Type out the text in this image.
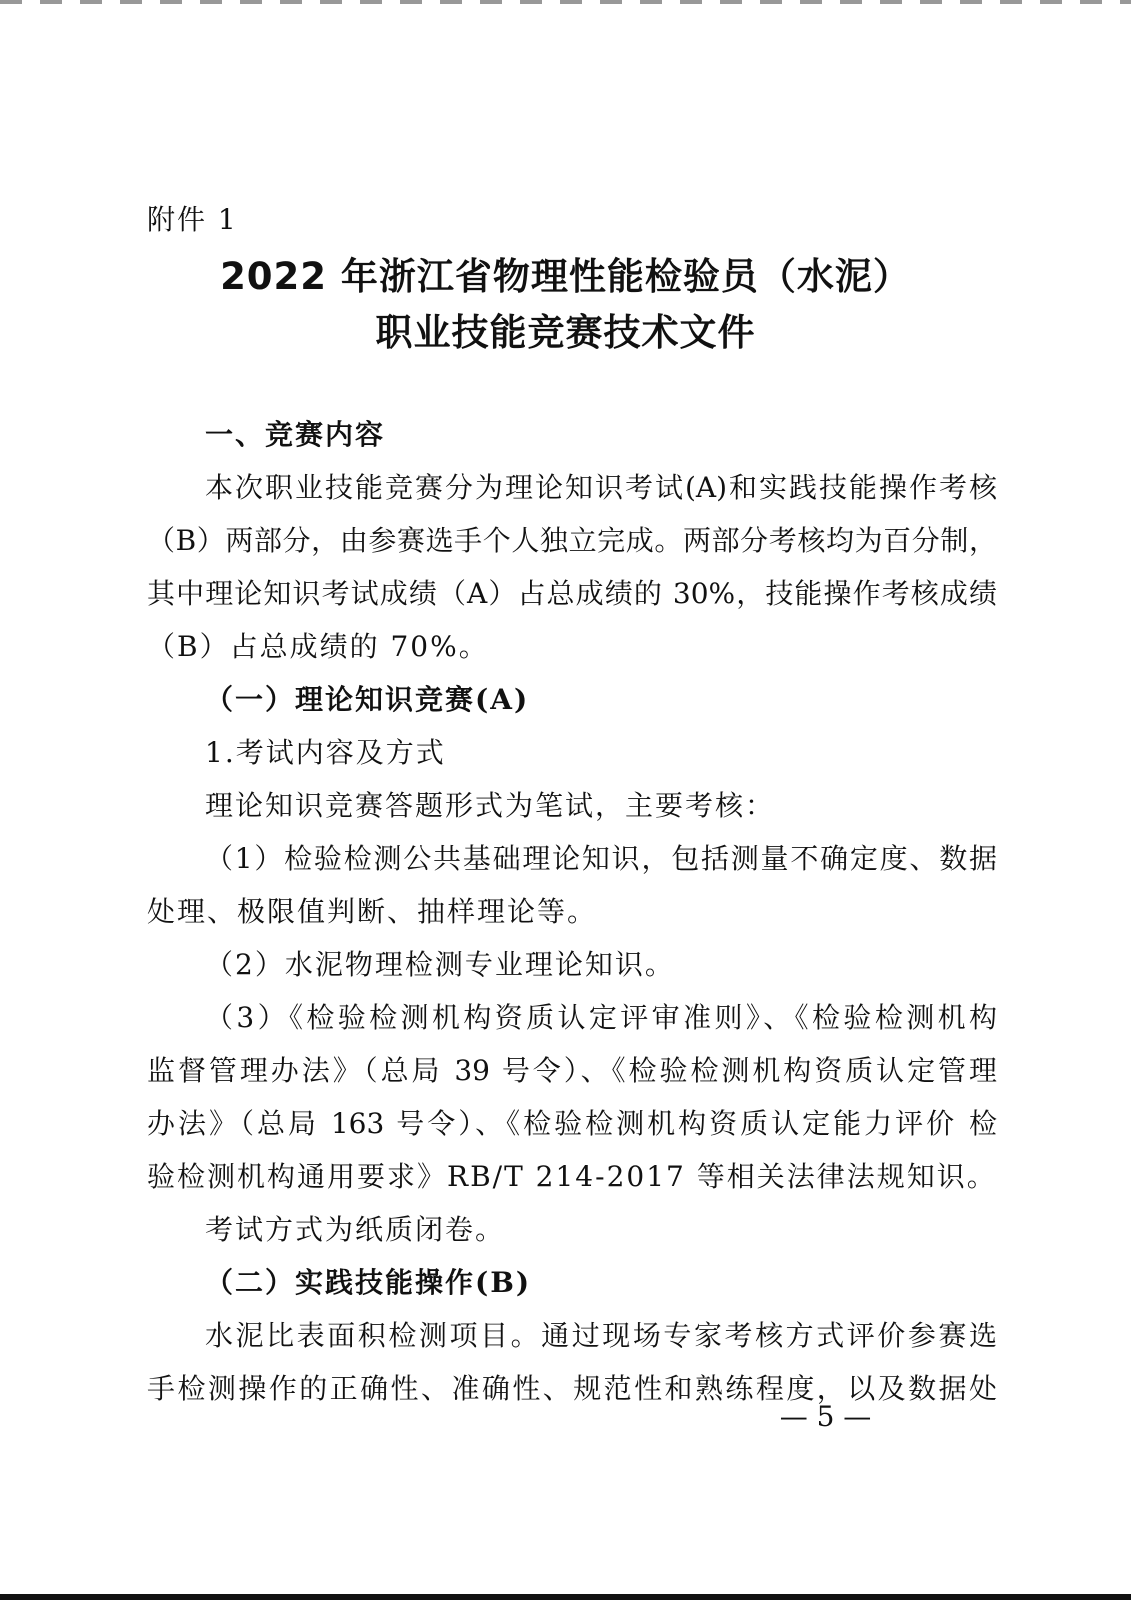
附件 1
2022 年浙江省物理性能检验员（水泥）
职业技能竞赛技术文件
一、竞赛内容
本次职业技能竞赛分为理论知识考试(A)和实践技能操作考核
（B）两部分，由参赛选手个人独立完成。两部分考核均为百分制，
其中理论知识考试成绩（A）占总成绩的 30%，技能操作考核成绩
（B）占总成绩的 70%。
（一）理论知识竞赛(A)
1.考试内容及方式
理论知识竞赛答题形式为笔试，主要考核：
（1）检验检测公共基础理论知识，包括测量不确定度、数据
处理、极限值判断、抽样理论等。
（2）水泥物理检测专业理论知识。
（3）《检验检测机构资质认定评审准则》、《检验检测机构
监督管理办法》（总局 39 号令）、《检验检测机构资质认定管理
办法》（总局 163 号令）、《检验检测机构资质认定能力评价 检
验检测机构通用要求》RB/T 214-2017 等相关法律法规知识。
考试方式为纸质闭卷。
（二）实践技能操作(B)
水泥比表面积检测项目。通过现场专家考核方式评价参赛选
手检测操作的正确性、准确性、规范性和熟练程度，以及数据处
— 5 —
